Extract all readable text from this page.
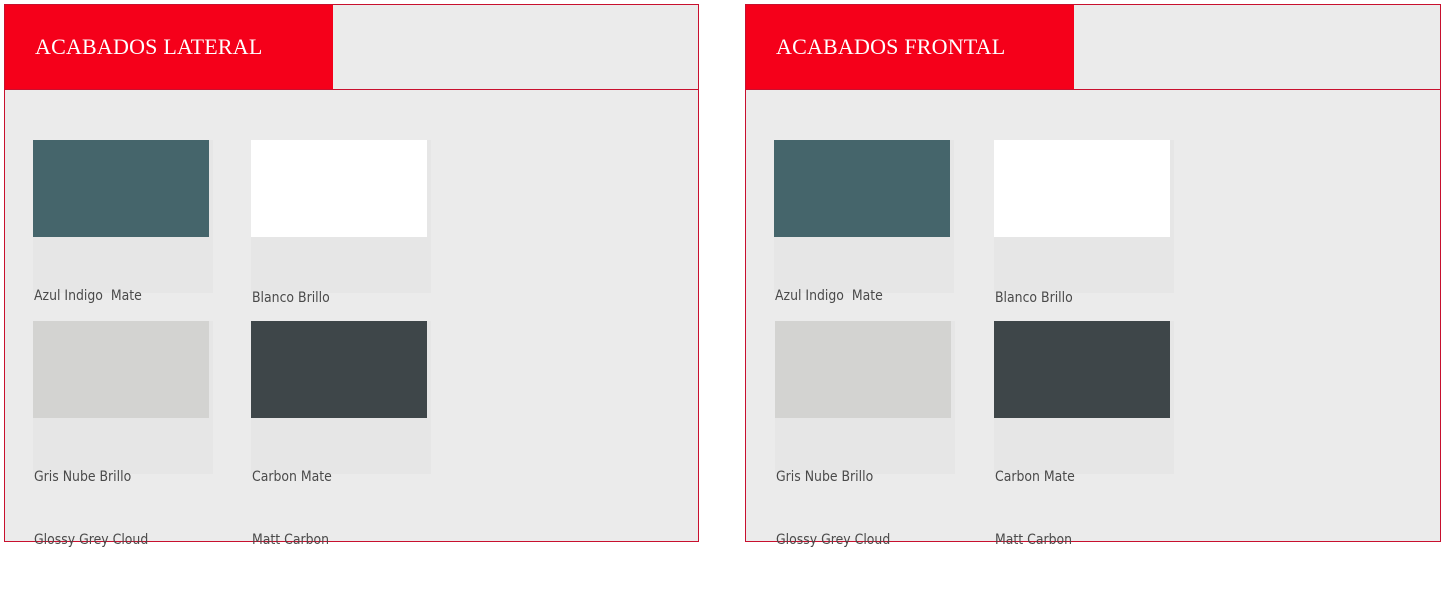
ACABADOS LATERAL

Azul Indigo  Mate

	Blanco Brillo

Gris Nube Brillo

Glossy Grey Cloud

Carbon Mate

Matt Carbon

ACABADOS FRONTAL

Azul Indigo  Mate

	Blanco Brillo

Gris Nube Brillo

Glossy Grey Cloud

Carbon Mate

Matt Carbon
